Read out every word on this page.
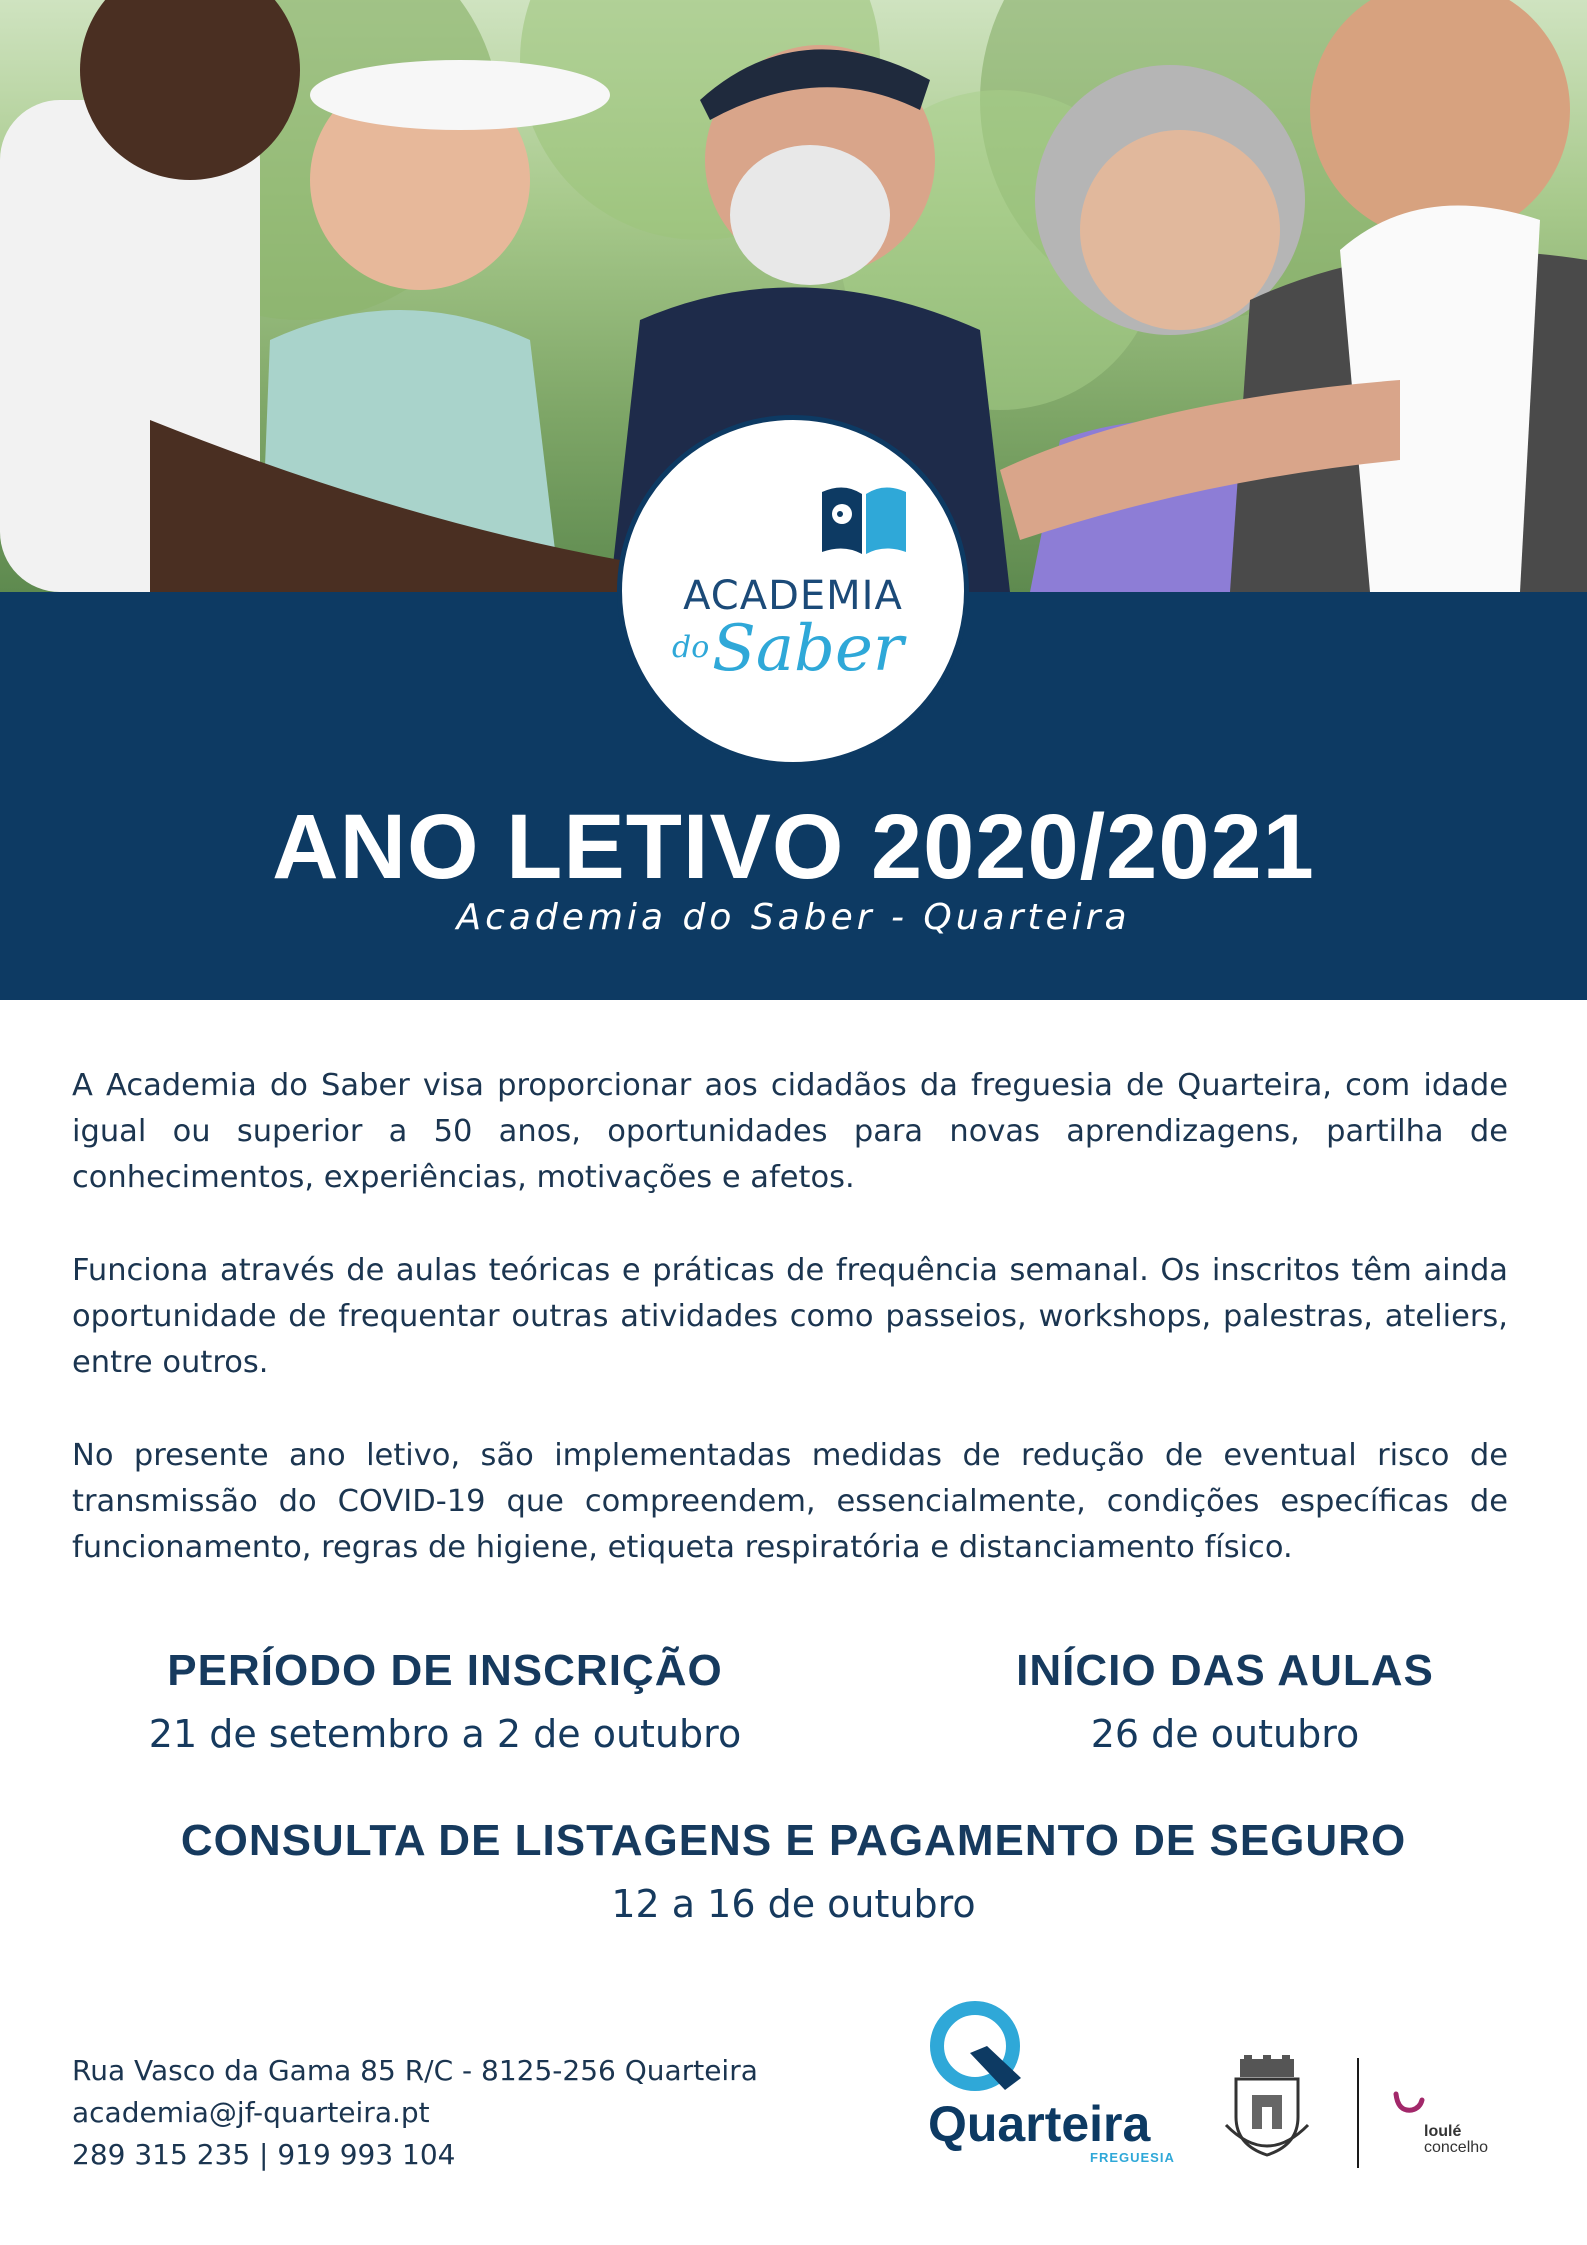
ACADEMIA
do Saber
ANO LETIVO 2020/2021
Academia do Saber - Quarteira

A Academia do Saber visa proporcionar aos cidadãos da freguesia de Quarteira, com idade igual ou superior a 50 anos, oportunidades para novas aprendizagens, partilha de conhecimentos, experiências, motivações e afetos.

Funciona através de aulas teóricas e práticas de frequência semanal. Os inscritos têm ainda oportunidade de frequentar outras atividades como passeios, workshops, palestras, ateliers, entre outros.

No presente ano letivo, são implementadas medidas de redução de eventual risco de transmissão do COVID-19 que compreendem, essencialmente, condições específicas de funcionamento, regras de higiene, etiqueta respiratória e distanciamento físico.

PERÍODO DE INSCRIÇÃO
21 de setembro a 2 de outubro
INÍCIO DAS AULAS
26 de outubro
CONSULTA DE LISTAGENS E PAGAMENTO DE SEGURO
12 a 16 de outubro
Rua Vasco da Gama 85 R/C - 8125-256 Quarteira
academia@jf-quarteira.pt
289 315 235 | 919 993 104
Quarteira
FREGUESIA
loulé
concelho
